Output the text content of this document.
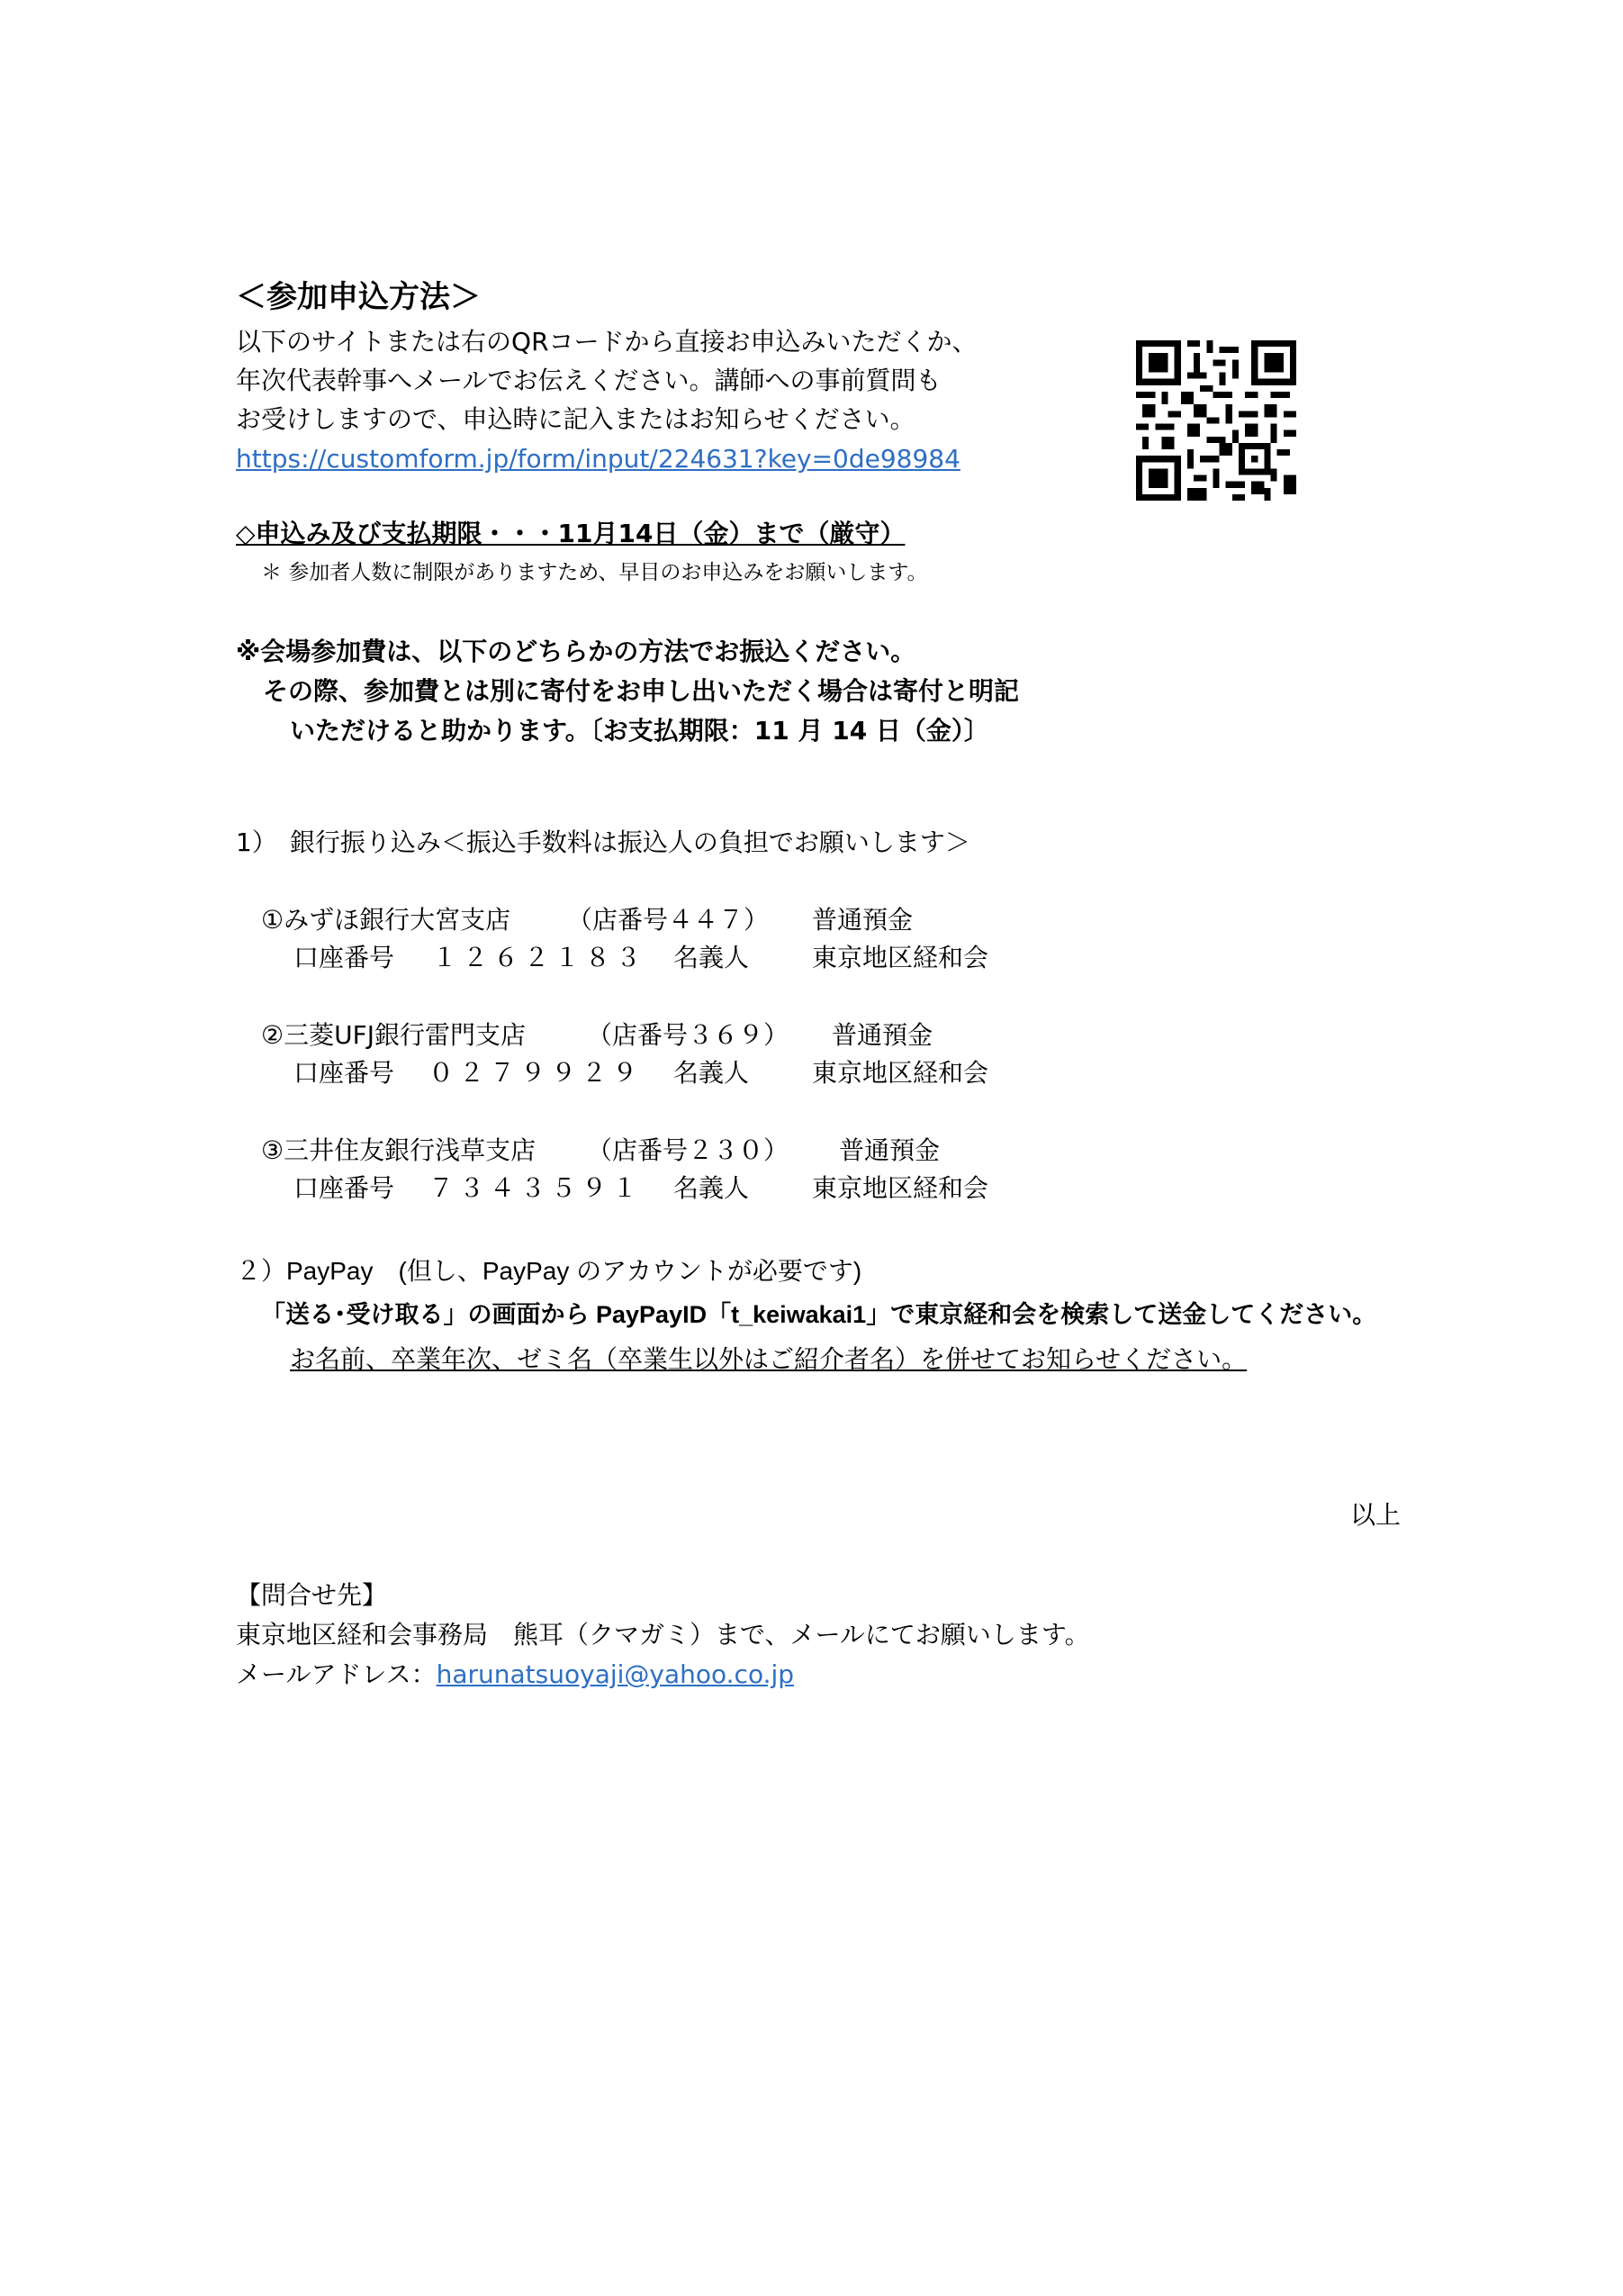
＜参加申込方法＞
以下のサイトまたは右のQRコードから直接お申込みいただくか、
年次代表幹事へメールでお伝えください。講師への事前質問も
お受けしますので、申込時に記入またはお知らせください。
https://customform.jp/form/input/224631?key=0de98984
◇申込み及び支払期限・・・11月14日（金）まで（厳守）
＊ 参加者人数に制限がありますため、早目のお申込みをお願いします。
※会場参加費は、以下のどちらかの方法でお振込ください。
その際、参加費とは別に寄付をお申し出いただく場合は寄付と明記
いただけると助かります。〔お支払期限：11 月 14 日（金）〕
1）　銀行振り込み＜振込手数料は振込人の負担でお願いします＞
①みずほ銀行大宮支店 （店番号４４７） 普通預金
口座番号 １２６２１８３ 名義人 東京地区経和会
②三菱UFJ銀行雷門支店 （店番号３６９） 普通預金
口座番号 ０２７９９２９ 名義人 東京地区経和会
③三井住友銀行浅草支店 （店番号２３０） 普通預金
口座番号 ７３４３５９１ 名義人 東京地区経和会
２）PayPay　(但し、PayPay のアカウントが必要です)
「送る･受け取る」の画面から PayPayID「t_keiwakai1」で東京経和会を検索して送金してください。
お名前、卒業年次、ゼミ名（卒業生以外はご紹介者名）を併せてお知らせください。
以上
【問合せ先】
東京地区経和会事務局　熊耳（クマガミ）まで、メールにてお願いします。
メールアドレス：harunatsuoyaji@yahoo.co.jp
